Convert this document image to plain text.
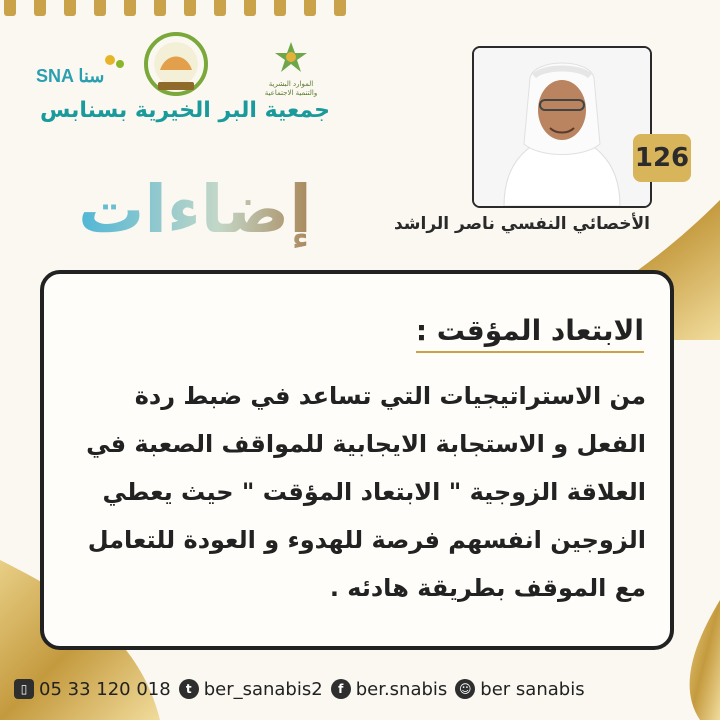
SNA سنا	الموارد البشرية
والتنمية الاجتماعية
جمعية البر الخيرية بسنابس
إضاءات
126
الأخصائي النفسي ناصر الراشد
الابتعاد المؤقت :
من الاستراتيجيات التي تساعد في ضبط ردة الفعل و الاستجابة الايجابية للمواقف الصعبة في العلاقة الزوجية " الابتعاد المؤقت " حيث يعطي الزوجين انفسهم فرصة للهدوء و العودة للتعامل مع الموقف بطريقة هادئه .
▯ 05 33 120 018	t ber_sanabis2	f ber.snabis ☺ ber sanabis
